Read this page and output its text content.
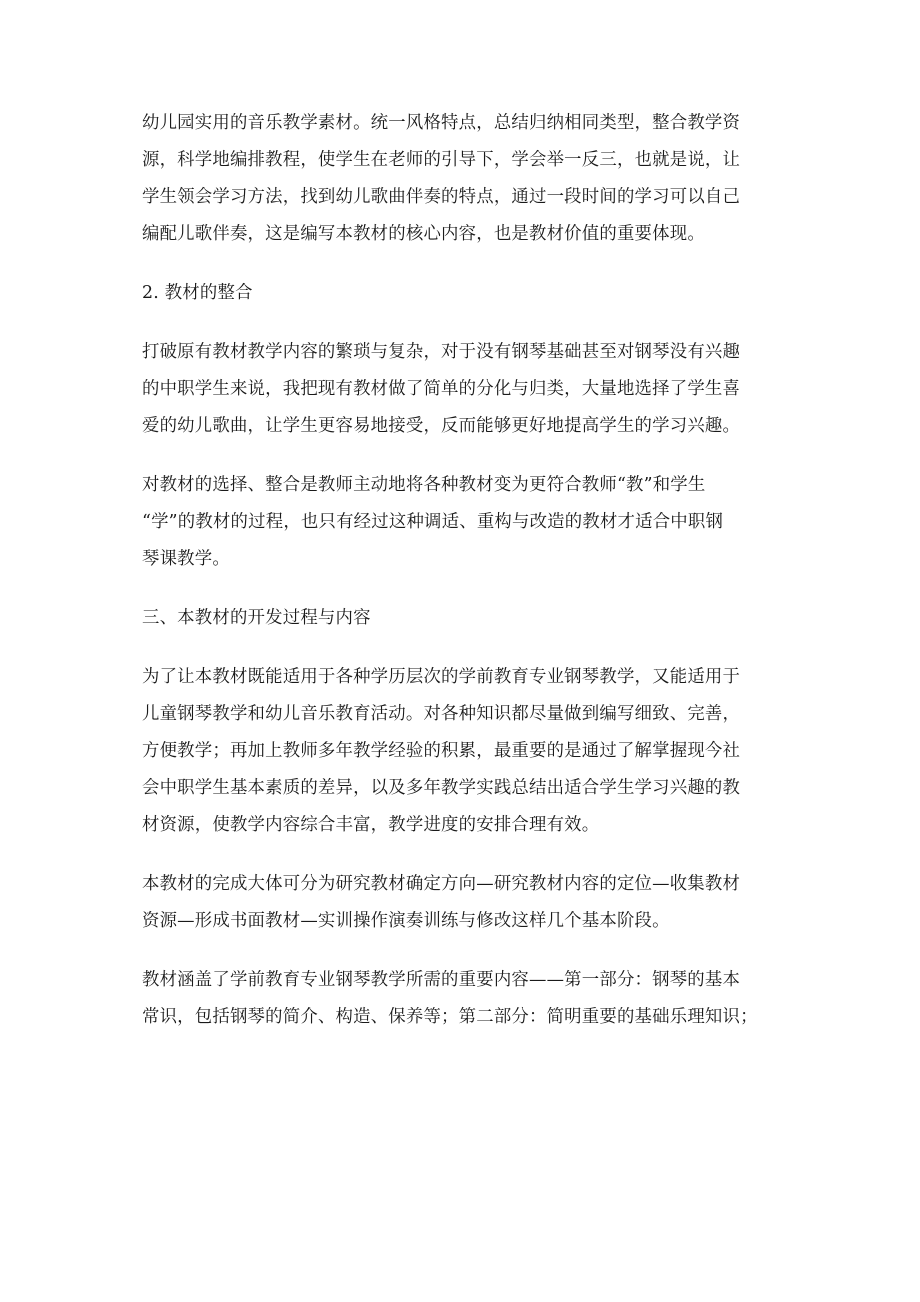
幼儿园实用的音乐教学素材。统一风格特点，总结归纳相同类型，整合教学资
源，科学地编排教程，使学生在老师的引导下，学会举一反三，也就是说，让
学生领会学习方法，找到幼儿歌曲伴奏的特点，通过一段时间的学习可以自己
编配儿歌伴奏，这是编写本教材的核心内容，也是教材价值的重要体现。

2. 教材的整合

打破原有教材教学内容的繁琐与复杂，对于没有钢琴基础甚至对钢琴没有兴趣
的中职学生来说，我把现有教材做了简单的分化与归类，大量地选择了学生喜
爱的幼儿歌曲，让学生更容易地接受，反而能够更好地提高学生的学习兴趣。

对教材的选择、整合是教师主动地将各种教材变为更符合教师“教”和学生
“学”的教材的过程，也只有经过这种调适、重构与改造的教材才适合中职钢
琴课教学。

三、本教材的开发过程与内容

为了让本教材既能适用于各种学历层次的学前教育专业钢琴教学，又能适用于
儿童钢琴教学和幼儿音乐教育活动。对各种知识都尽量做到编写细致、完善，
方便教学；再加上教师多年教学经验的积累，最重要的是通过了解掌握现今社
会中职学生基本素质的差异，以及多年教学实践总结出适合学生学习兴趣的教
材资源，使教学内容综合丰富，教学进度的安排合理有效。

本教材的完成大体可分为研究教材确定方向—研究教材内容的定位—收集教材
资源—形成书面教材—实训操作演奏训练与修改这样几个基本阶段。

教材涵盖了学前教育专业钢琴教学所需的重要内容——第一部分：钢琴的基本
常识，包括钢琴的简介、构造、保养等；第二部分：简明重要的基础乐理知识；
